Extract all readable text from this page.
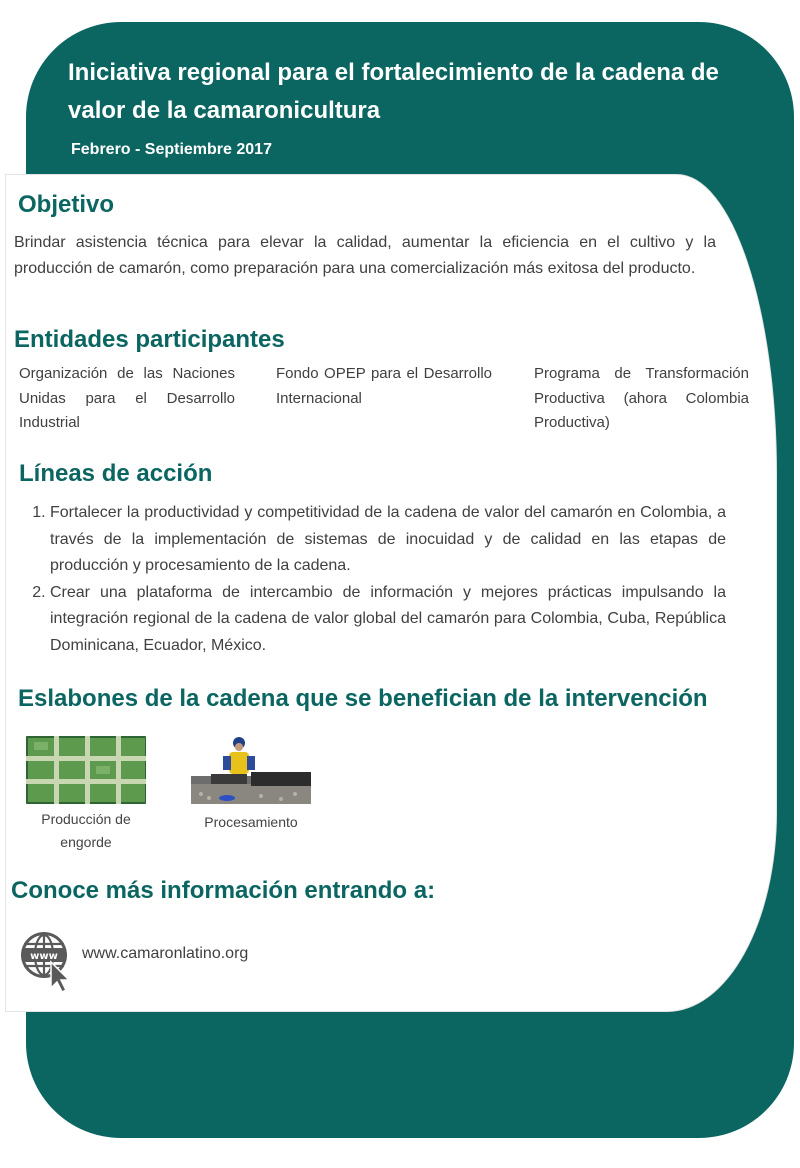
Iniciativa regional para el fortalecimiento de la cadena de valor de la camaronicultura
Febrero - Septiembre 2017
Objetivo

Brindar asistencia técnica para elevar la calidad, aumentar la eficiencia en el cultivo y la producción de camarón, como preparación para una comercialización más exitosa del producto.

Entidades participantes
Organización de las Naciones Unidas para el Desarrollo Industrial
Fondo OPEP para el Desarrollo Internacional
Programa de Transformación Productiva (ahora Colombia Productiva)
Líneas de acción
1. Fortalecer la productividad y competitividad de la cadena de valor del camarón en Colombia, a través de la implementación de sistemas de inocuidad y de calidad en las etapas de producción y procesamiento de la cadena.
2. Crear una plataforma de intercambio de información y mejores prácticas impulsando la integración regional de la cadena de valor global del camarón para Colombia, Cuba, República Dominicana, Ecuador, México.
Eslabones de la cadena que se benefician de la intervención
Producción de engorde
Procesamiento
Conoce más información entrando a:
www www.camaronlatino.org
